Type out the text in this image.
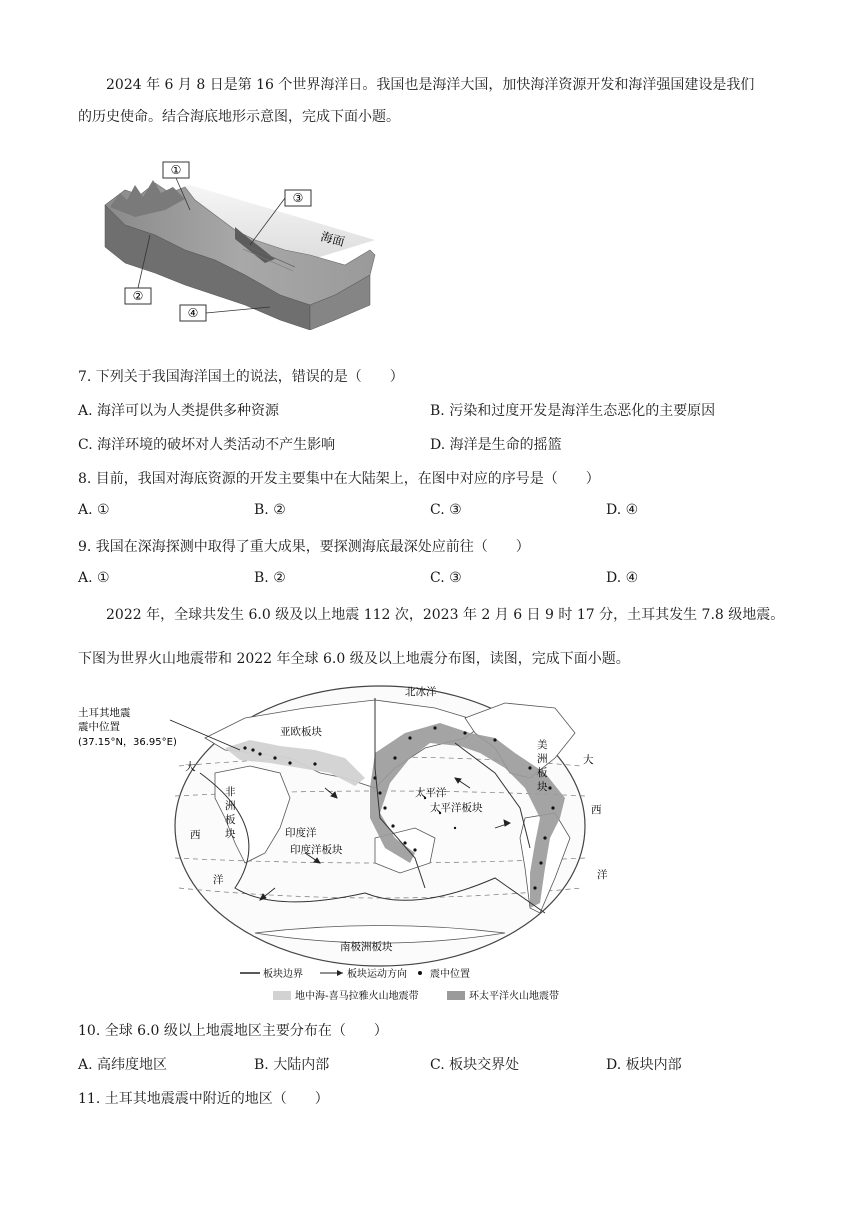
2024 年 6 月 8 日是第 16 个世界海洋日。我国也是海洋大国，加快海洋资源开发和海洋强国建设是我们
的历史使命。结合海底地形示意图，完成下面小题。
①
②
③
④
海面
7. 下列关于我国海洋国土的说法，错误的是（　　）
A. 海洋可以为人类提供多种资源	B. 污染和过度开发是海洋生态恶化的主要原因
C. 海洋环境的破坏对人类活动不产生影响	D. 海洋是生命的摇篮
8. 目前，我国对海底资源的开发主要集中在大陆架上，在图中对应的序号是（　　）
A. ①	B. ②	C. ③	D. ④
9. 我国在深海探测中取得了重大成果，要探测海底最深处应前往（　　）
A. ①	B. ②	C. ③	D. ④
2022 年，全球共发生 6.0 级及以上地震 112 次，2023 年 2 月 6 日 9 时 17 分，土耳其发生 7.8 级地震。
下图为世界火山地震带和 2022 年全球 6.0 级及以上地震分布图，读图，完成下面小题。
土耳其地震
震中位置
(37.15°N，36.95°E)
北冰洋
亚欧板块
非
洲
板
块	印度洋
印度洋板块
太平洋
太平洋板块
美
洲
板
块
大
西
洋
大
西
洋
南极洲板块
板块边界	板块运动方向 震中位置
地中海-喜马拉雅火山地震带	环太平洋火山地震带
10. 全球 6.0 级以上地震地区主要分布在（　　）
A. 高纬度地区	B. 大陆内部	C. 板块交界处	D. 板块内部
11. 土耳其地震震中附近的地区（　　）
